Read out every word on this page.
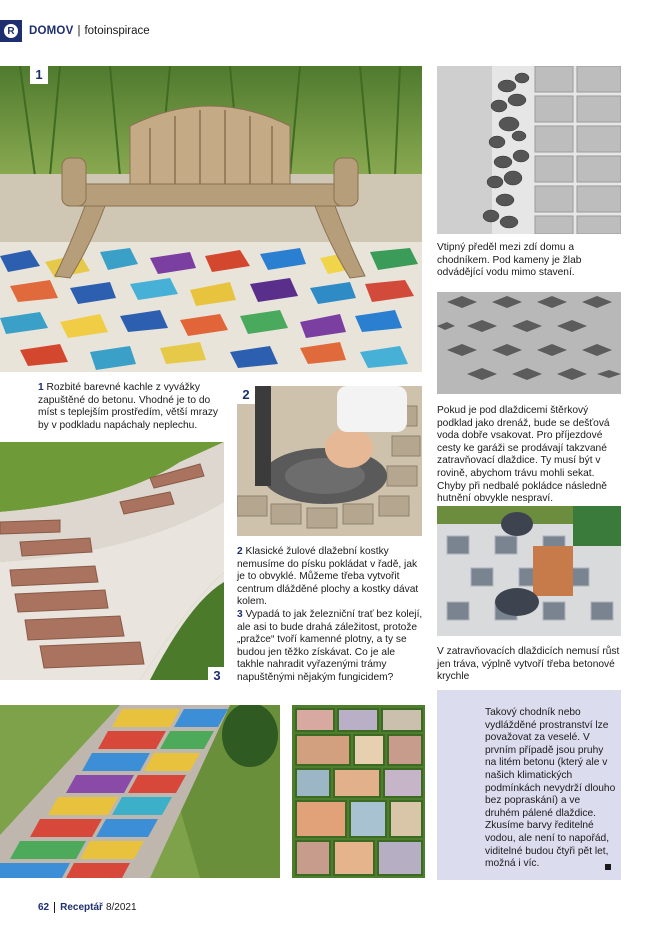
R DOMOV | fotoinspirace
1
Vtipný předěl mezi zdí domu a chodníkem. Pod kameny je žlab odvádějící vodu mimo stavení.
Pokud je pod dlaždicemi štěrkový podklad jako drenáž, bude se dešťová voda dobře vsakovat. Pro příjezdové cesty ke garáži se prodávají takzvané zatravňovací dlaždice. Ty musí být v rovině, abychom trávu mohli sekat. Chyby při nedbalé pokládce následně hutnění obvykle nespraví.
V zatravňovacích dlaždicích nemusí růst jen tráva, výplně vytvoří třeba betonové krychle
1 Rozbité barevné kachle z vyvážky zapuštěné do betonu. Vhodné je to do míst s teplejším prostředím, větší mrazy by v podkladu napáchaly neplechu.
2
2 Klasické žulové dlažební kostky nemusíme do písku pokládat v řadě, jak je to obvyklé. Můžeme třeba vytvořit centrum dlážděné plochy a kostky dávat kolem.
3 Vypadá to jak železniční trať bez kolejí, ale asi to bude drahá záležitost, protože „pražce“ tvoří kamenné plotny, a ty se budou jen těžko získávat. Co je ale takhle nahradit vyřazenými trámy napuštěnými nějakým fungicidem?
3
Takový chodník nebo vydlážděné prostranství lze považovat za veselé. V prvním případě jsou pruhy na litém betonu (který ale v našich klimatických podmínkách nevydrží dlouho bez popraskání) a ve druhém pálené dlaždice. Zkusíme barvy ředitelné vodou, ale není to napořád, viditelné budou čtyři pět let, možná i víc.
62 Receptář 8/2021
